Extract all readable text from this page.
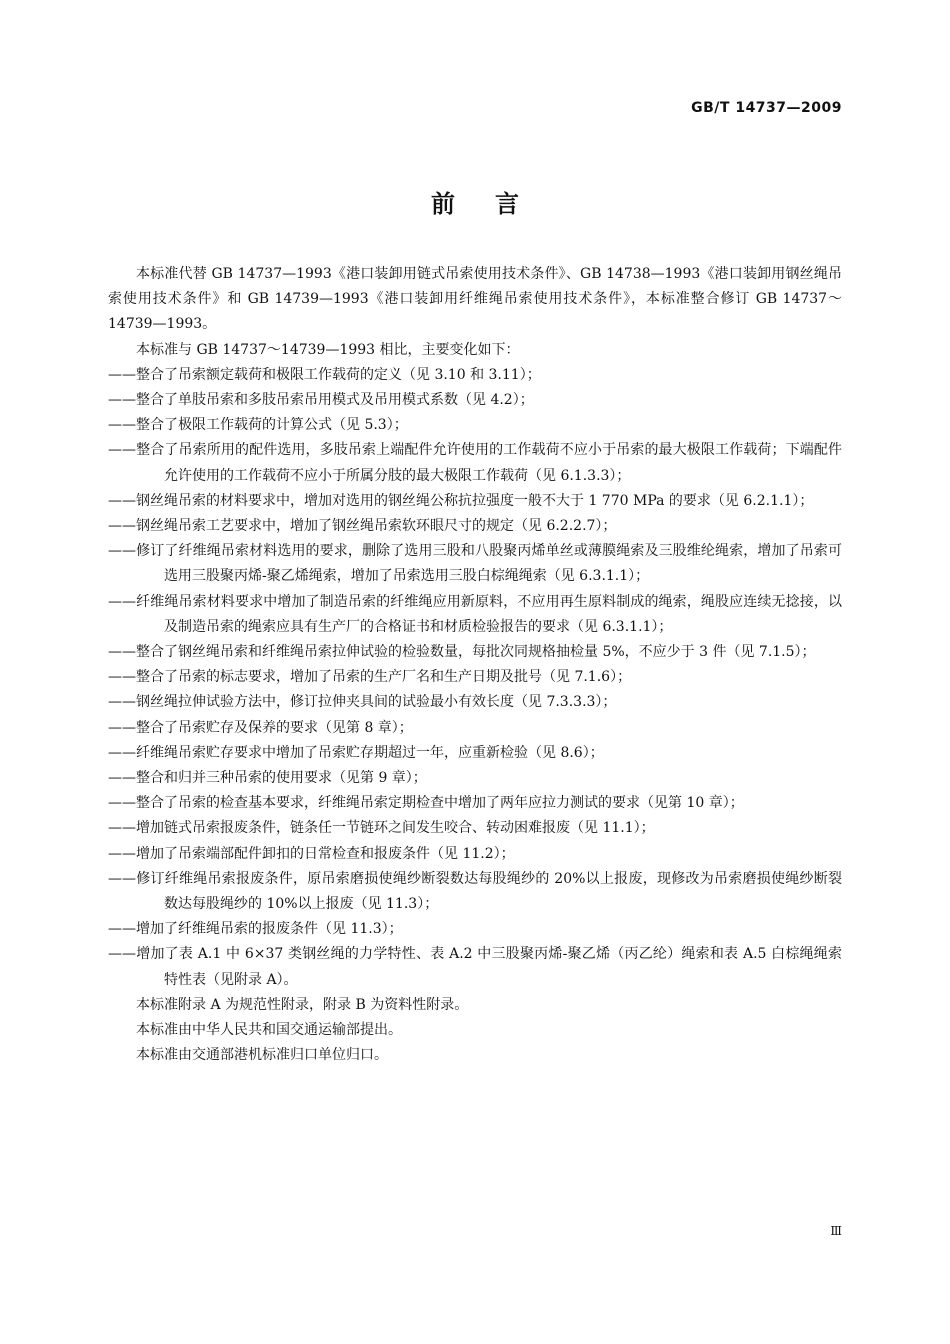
GB/T 14737—2009
前言

本标准代替 GB 14737—1993《港口装卸用链式吊索使用技术条件》、GB 14738—1993《港口装卸用钢丝绳吊索使用技术条件》和 GB 14739—1993《港口装卸用纤维绳吊索使用技术条件》，本标准整合修订 GB 14737～14739—1993。

本标准与 GB 14737～14739—1993 相比，主要变化如下：

——整合了吊索额定载荷和极限工作载荷的定义（见 3.10 和 3.11）；

——整合了单肢吊索和多肢吊索吊用模式及吊用模式系数（见 4.2）；

——整合了极限工作载荷的计算公式（见 5.3）；

——整合了吊索所用的配件选用，多肢吊索上端配件允许使用的工作载荷不应小于吊索的最大极限工作载荷；下端配件允许使用的工作载荷不应小于所属分肢的最大极限工作载荷（见 6.1.3.3）；

——钢丝绳吊索的材料要求中，增加对选用的钢丝绳公称抗拉强度一般不大于 1 770 MPa 的要求（见 6.2.1.1）；

——钢丝绳吊索工艺要求中，增加了钢丝绳吊索软环眼尺寸的规定（见 6.2.2.7）；

——修订了纤维绳吊索材料选用的要求，删除了选用三股和八股聚丙烯单丝或薄膜绳索及三股维纶绳索，增加了吊索可选用三股聚丙烯-聚乙烯绳索，增加了吊索选用三股白棕绳绳索（见 6.3.1.1）；

——纤维绳吊索材料要求中增加了制造吊索的纤维绳应用新原料，不应用再生原料制成的绳索，绳股应连续无捻接，以及制造吊索的绳索应具有生产厂的合格证书和材质检验报告的要求（见 6.3.1.1）；

——整合了钢丝绳吊索和纤维绳吊索拉伸试验的检验数量，每批次同规格抽检量 5%，不应少于 3 件（见 7.1.5）；

——整合了吊索的标志要求，增加了吊索的生产厂名和生产日期及批号（见 7.1.6）；

——钢丝绳拉伸试验方法中，修订拉伸夹具间的试验最小有效长度（见 7.3.3.3）；

——整合了吊索贮存及保养的要求（见第 8 章）；

——纤维绳吊索贮存要求中增加了吊索贮存期超过一年，应重新检验（见 8.6）；

——整合和归并三种吊索的使用要求（见第 9 章）；

——整合了吊索的检查基本要求，纤维绳吊索定期检查中增加了两年应拉力测试的要求（见第 10 章）；

——增加链式吊索报废条件，链条任一节链环之间发生咬合、转动困难报废（见 11.1）；

——增加了吊索端部配件卸扣的日常检查和报废条件（见 11.2）；

——修订纤维绳吊索报废条件，原吊索磨损使绳纱断裂数达每股绳纱的 20%以上报废，现修改为吊索磨损使绳纱断裂数达每股绳纱的 10%以上报废（见 11.3）；

——增加了纤维绳吊索的报废条件（见 11.3）；

——增加了表 A.1 中 6×37 类钢丝绳的力学特性、表 A.2 中三股聚丙烯-聚乙烯（丙乙纶）绳索和表 A.5 白棕绳绳索特性表（见附录 A）。

本标准附录 A 为规范性附录，附录 B 为资料性附录。

本标准由中华人民共和国交通运输部提出。

本标准由交通部港机标准归口单位归口。

Ⅲ
